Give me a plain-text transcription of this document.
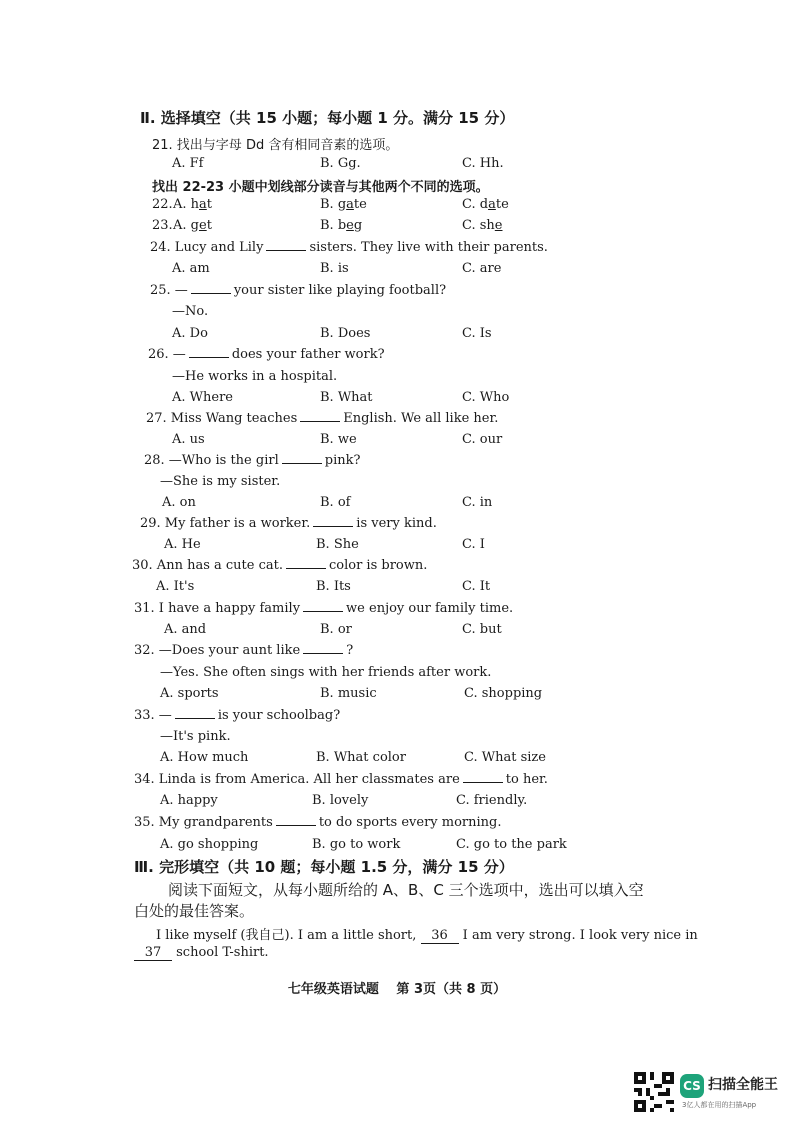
Ⅱ. 选择填空（共 15 小题；每小题 1 分。满分 15 分）
21. 找出与字母 Dd 含有相同音素的选项。
A. Ff	B. Gg.	C. Hh.
找出 22-23 小题中划线部分读音与其他两个不同的选项。
22. A. hat	B. gate	C. date
23. A. get	B. beg	C. she
24. Lucy and Lily	sisters. They live with their parents.
A. am	B. is	C. are
25. —	your sister like playing football?
—No.
A. Do	B. Does	C. Is
26. —	does your father work?
—He works in a hospital.
A. Where	B. What	C. Who
27. Miss Wang teaches	English. We all like her.
A. us	B. we	C. our
28. —Who is the girl	pink?
—She is my sister.
A. on	B. of	C. in
29. My father is a worker.	is very kind.
A. He	B. She	C. I
30. Ann has a cute cat.	color is brown.
A. It's	B. Its	C. It
31. I have a happy family	we enjoy our family time.
A. and	B. or	C. but
32. —Does your aunt like	?
—Yes. She often sings with her friends after work.
A. sports	B. music	C. shopping
33. —	is your schoolbag?
—It's pink.
A. How much	B. What color	C. What size
34. Linda is from America. All her classmates are	to her.
A. happy	B. lovely	C. friendly.
35. My grandparents	to do sports every morning.
A. go shopping	B. go to work	C. go to the park
Ⅲ. 完形填空（共 10 题；每小题 1.5 分，满分 15 分）
阅读下面短文，从每小题所给的 A、B、C 三个选项中，选出可以填入空
白处的最佳答案。
I like myself (我自己). I am a little short, 36 I am very strong. I look very nice in
37 school T-shirt.
七年级英语试题　 第 3页（共 8 页）
CS 扫描全能王
3亿人都在用的扫描App
